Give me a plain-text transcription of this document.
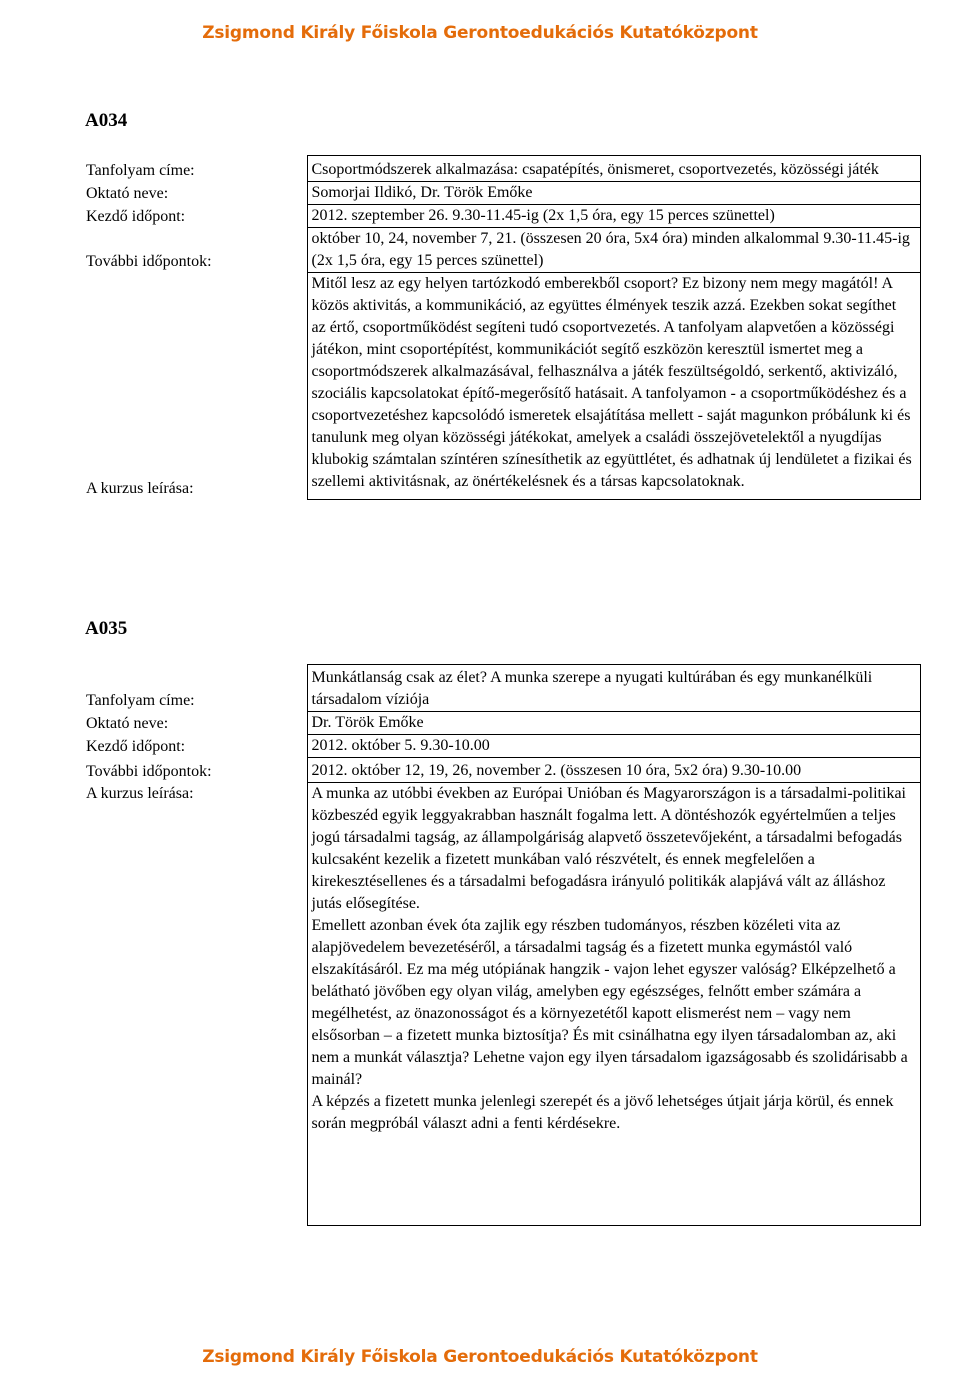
Zsigmond Király Főiskola Gerontoedukációs Kutatóközpont
A034
Tanfolyam címe:	Csoportmódszerek alkalmazása: csapatépítés, önismeret, csoportvezetés, közösségi játék
Oktató neve:	Somorjai Ildikó, Dr. Török Emőke
Kezdő időpont:	2012. szeptember 26. 9.30-11.45-ig (2x 1,5 óra, egy 15 perces szünettel)
További időpontok:	október 10, 24, november 7, 21. (összesen 20 óra, 5x4 óra) minden alkalommal 9.30-11.45-ig (2x 1,5 óra, egy 15 perces szünettel)
A kurzus leírása:	Mitől lesz az egy helyen tartózkodó emberekből csoport? Ez bizony nem megy magától! A közös aktivitás, a kommunikáció, az együttes élmények teszik azzá. Ezekben sokat segíthet az értő, csoportműködést segíteni tudó csoportvezetés. A tanfolyam alapvetően a közösségi játékon, mint csoportépítést, kommunikációt segítő eszközön keresztül ismertet meg a csoportmódszerek alkalmazásával, felhasználva a játék feszültségoldó, serkentő, aktivizáló, szociális kapcsolatokat építő-megerősítő hatásait. A tanfolyamon - a csoportműködéshez és a csoportvezetéshez kapcsolódó ismeretek elsajátítása mellett - saját magunkon próbálunk ki és tanulunk meg olyan közösségi játékokat, amelyek a családi összejövetelektől a nyugdíjas klubokig számtalan színtéren színesíthetik az együttlétet, és adhatnak új lendületet a fizikai és szellemi aktivitásnak, az önértékelésnek és a társas kapcsolatoknak.
A035
Tanfolyam címe:	Munkátlanság csak az élet? A munka szerepe a nyugati kultúrában és egy munkanélküli társadalom víziója
Oktató neve:	Dr. Török Emőke
Kezdő időpont:	2012. október 5. 9.30-10.00
További időpontok:	2012. október 12, 19, 26, november 2. (összesen 10 óra, 5x2 óra) 9.30-10.00
A kurzus leírása:	A munka az utóbbi években az Európai Unióban és Magyarországon is a társadalmi-politikai közbeszéd egyik leggyakrabban használt fogalma lett. A döntéshozók egyértelműen a teljes jogú társadalmi tagság, az állampolgáriság alapvető összetevőjeként, a társadalmi befogadás kulcsaként kezelik a fizetett munkában való részvételt, és ennek megfelelően a kirekesztésellenes és a társadalmi befogadásra irányuló politikák alapjává vált az álláshoz jutás elősegítése.
Emellett azonban évek óta zajlik egy részben tudományos, részben közéleti vita az alapjövedelem bevezetéséről, a társadalmi tagság és a fizetett munka egymástól való elszakításáról. Ez ma még utópiának hangzik - vajon lehet egyszer valóság? Elképzelhető a belátható jövőben egy olyan világ, amelyben egy egészséges, felnőtt ember számára a megélhetést, az önazonosságot és a környezetétől kapott elismerést nem – vagy nem elsősorban – a fizetett munka biztosítja? És mit csinálhatna egy ilyen társadalomban az, aki nem a munkát választja? Lehetne vajon egy ilyen társadalom igazságosabb és szolidárisabb a mainál?
A képzés a fizetett munka jelenlegi szerepét és a jövő lehetséges útjait járja körül, és ennek során megpróbál választ adni a fenti kérdésekre.
Zsigmond Király Főiskola Gerontoedukációs Kutatóközpont
